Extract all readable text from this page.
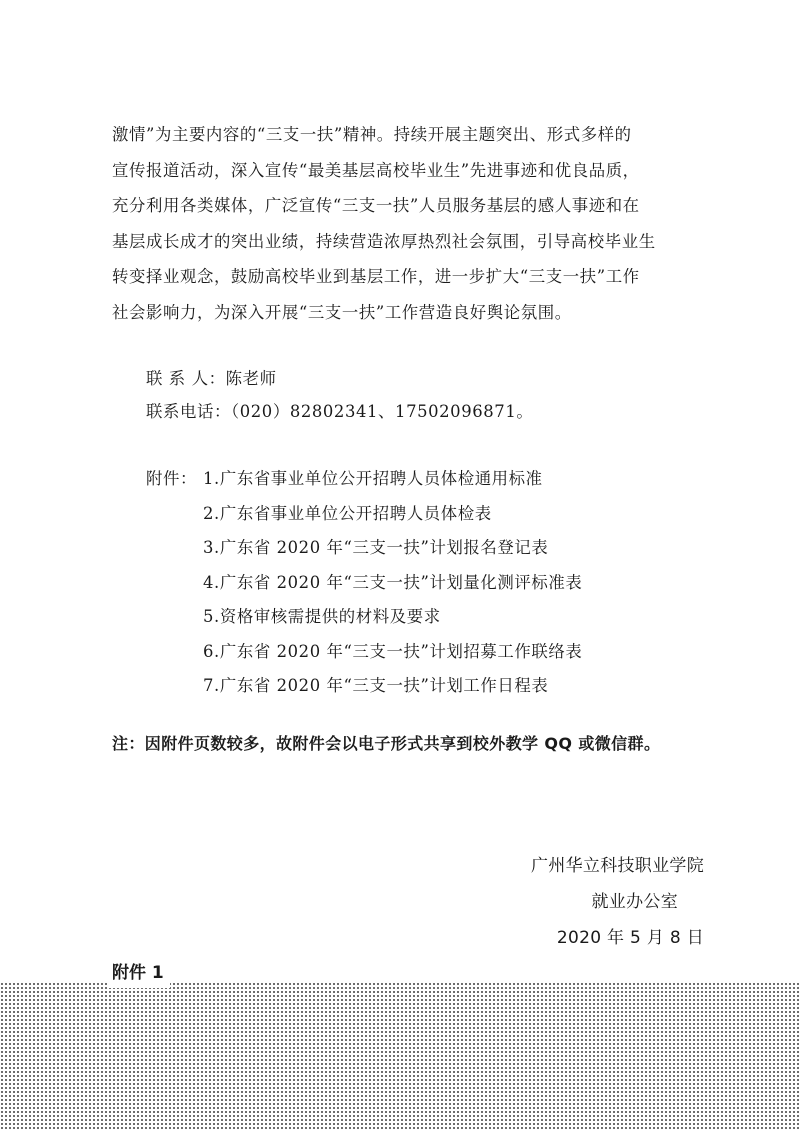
激情”为主要内容的“三支一扶”精神。持续开展主题突出、形式多样的
宣传报道活动，深入宣传“最美基层高校毕业生”先进事迹和优良品质，
充分利用各类媒体，广泛宣传“三支一扶”人员服务基层的感人事迹和在
基层成长成才的突出业绩，持续营造浓厚热烈社会氛围，引导高校毕业生
转变择业观念，鼓励高校毕业到基层工作，进一步扩大“三支一扶”工作
社会影响力，为深入开展“三支一扶”工作营造良好舆论氛围。
联 系 人：陈老师
联系电话：（020）82802341、17502096871。
附件： 1.广东省事业单位公开招聘人员体检通用标准
2.广东省事业单位公开招聘人员体检表
3.广东省 2020 年“三支一扶”计划报名登记表
4.广东省 2020 年“三支一扶”计划量化测评标准表
5.资格审核需提供的材料及要求
6.广东省 2020 年“三支一扶”计划招募工作联络表
7.广东省 2020 年“三支一扶”计划工作日程表
注：因附件页数较多，故附件会以电子形式共享到校外教学 QQ 或微信群。
广州华立科技职业学院
就业办公室
2020 年 5 月 8 日
附件 1
